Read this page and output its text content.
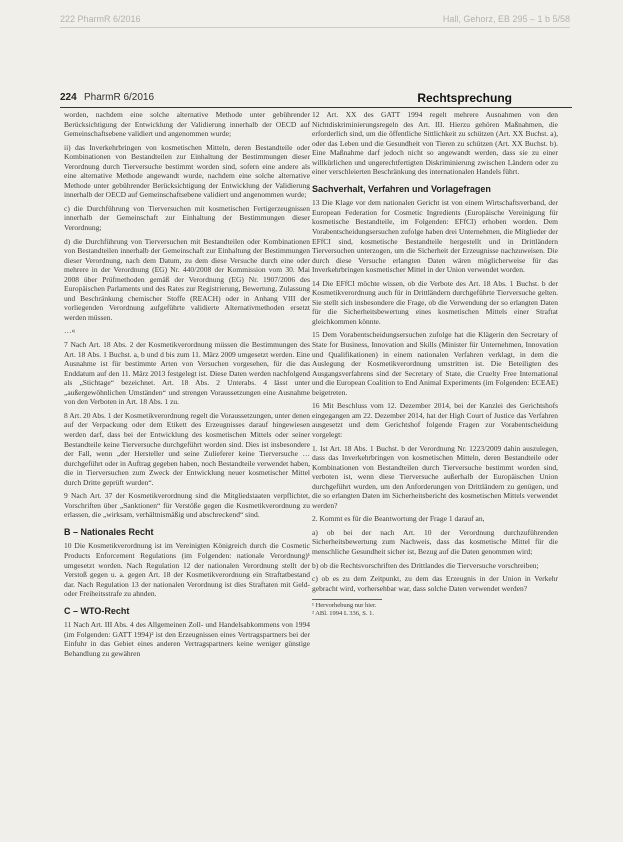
222 PharmR 6/2016	Hall, Gehorz, EB 295 – 1 b 5/58
224 PharmR 6/2016	Rechtsprechung

worden, nachdem eine solche alternative Methode unter gebührender Berücksichtigung der Entwicklung der Validierung innerhalb der OECD auf Gemeinschaftsebene validiert und angenommen wurde;

ii) das Inverkehrbringen von kosmetischen Mitteln, deren Bestandteile oder Kombinationen von Bestandteilen zur Einhaltung der Bestimmungen dieser Verordnung durch Tierversuche bestimmt worden sind, sofern eine andere als eine alternative Methode angewandt wurde, nachdem eine solche alternative Methode unter gebührender Berücksichtigung der Entwicklung der Validierung innerhalb der OECD auf Gemeinschaftsebene validiert und angenommen wurde;

c) die Durchführung von Tierversuchen mit kosmetischen Fertigerzeugnissen innerhalb der Gemeinschaft zur Einhaltung der Bestimmungen dieser Verordnung;

d) die Durchführung von Tierversuchen mit Bestandteilen oder Kombinationen von Bestandteilen innerhalb der Gemeinschaft zur Einhaltung der Bestimmungen dieser Verordnung, nach dem Datum, zu dem diese Versuche durch eine oder mehrere in der Verordnung (EG) Nr. 440/2008 der Kommission vom 30. Mai 2008 über Prüfmethoden gemäß der Verordnung (EG) Nr. 1907/2006 des Europäischen Parlaments und des Rates zur Registrierung, Bewertung, Zulassung und Beschränkung chemischer Stoffe (REACH) oder in Anhang VIII der vorliegenden Verordnung aufgeführte validierte Alternativmethoden ersetzt werden müssen.

…«

7 Nach Art. 18 Abs. 2 der Kosmetikverordnung müssen die Bestimmungen des Art. 18 Abs. 1 Buchst. a, b und d bis zum 11. März 2009 umgesetzt werden. Eine Ausnahme ist für bestimmte Arten von Versuchen vorgesehen, für die das Enddatum auf den 11. März 2013 festgelegt ist. Diese Daten werden nachfolgend als „Stichtage“ bezeichnet. Art. 18 Abs. 2 Unterabs. 4 lässt unter „außergewöhnlichen Umständen“ und strengen Voraussetzungen eine Ausnahme von den Verboten in Art. 18 Abs. 1 zu.

8 Art. 20 Abs. 1 der Kosmetikverordnung regelt die Voraussetzungen, unter denen auf der Verpackung oder dem Etikett des Erzeugnisses darauf hingewiesen werden darf, dass bei der Entwicklung des kosmetischen Mittels oder seiner Bestandteile keine Tierversuche durchgeführt worden sind. Dies ist insbesondere der Fall, wenn „der Hersteller und seine Zulieferer keine Tierversuche … durchgeführt oder in Auftrag gegeben haben, noch Bestandteile verwendet haben, die in Tierversuchen zum Zweck der Entwicklung neuer kosmetischer Mittel durch Dritte geprüft wurden“.

9 Nach Art. 37 der Kosmetikverordnung sind die Mitgliedstaaten verpflichtet, Vorschriften über „Sanktionen“ für Verstöße gegen die Kosmetikverordnung zu erlassen, die „wirksam, verhältnismäßig und abschreckend“ sind.

B – Nationales Recht

10 Die Kosmetikverordnung ist im Vereinigten Königreich durch die Cosmetic Products Enforcement Regulations (im Folgenden: nationale Verordnung)¹ umgesetzt worden. Nach Regulation 12 der nationalen Verordnung stellt der Verstoß gegen u. a. gegen Art. 18 der Kosmetikverordnung ein Straftatbestand dar. Nach Regulation 13 der nationalen Verordnung ist dies Straftaten mit Geld- oder Freiheitsstrafe zu ahnden.

C – WTO-Recht

11 Nach Art. III Abs. 4 des Allgemeinen Zoll- und Handelsabkommens von 1994 (im Folgenden: GATT 1994)² ist den Erzeugnissen eines Vertragspartners bei der Einfuhr in das Gebiet eines anderen Vertragspartners keine weniger günstige Behandlung zu gewähren

12 Art. XX des GATT 1994 regelt mehrere Ausnahmen von den Nichtdiskriminierungsregeln des Art. III. Hierzu gehören Maßnahmen, die erforderlich sind, um die öffentliche Sittlichkeit zu schützen (Art. XX Buchst. a), oder das Leben und die Gesundheit von Tieren zu schützen (Art. XX Buchst. b). Eine Maßnahme darf jedoch nicht so angewandt werden, dass sie zu einer willkürlichen und ungerechtfertigten Diskriminierung zwischen Ländern oder zu einer verschleierten Beschränkung des internationalen Handels führt.

Sachverhalt, Verfahren und Vorlagefragen

13 Die Klage vor dem nationalen Gericht ist von einem Wirtschaftsverband, der European Federation for Cosmetic Ingredients (Europäische Vereinigung für kosmetische Bestandteile, im Folgenden: EFfCI) erhoben worden. Dem Vorabentscheidungsersuchen zufolge haben drei Unternehmen, die Mitglieder der EFfCI sind, kosmetische Bestandteile hergestellt und in Drittländern Tierversuchen unterzogen, um die Sicherheit der Erzeugnisse nachzuweisen. Die durch diese Versuche erlangten Daten wären möglicherweise für das Inverkehrbringen kosmetischer Mittel in der Union verwendet worden.

14 Die EFfCI möchte wissen, ob die Verbote des Art. 18 Abs. 1 Buchst. b der Kosmetikverordnung auch für in Drittländern durchgeführte Tierversuche gelten. Sie stellt sich insbesondere die Frage, ob die Verwendung der so erlangten Daten für die Sicherheitsbewertung eines kosmetischen Mittels einer Straftat gleichkommen könnte.

15 Dem Vorabentscheidungsersuchen zufolge hat die Klägerin den Secretary of State for Business, Innovation and Skills (Minister für Unternehmen, Innovation und Qualifikationen) in einem nationalen Verfahren verklagt, in dem die Auslegung der Kosmetikverordnung umstritten ist. Die Beteiligten des Ausgangsverfahrens sind der Secretary of State, die Cruelty Free International und die European Coalition to End Animal Experiments (im Folgenden: ECEAE) beigetreten.

16 Mit Beschluss vom 12. Dezember 2014, bei der Kanzlei des Gerichtshofs eingegangen am 22. Dezember 2014, hat der High Court of Justice das Verfahren ausgesetzt und dem Gerichtshof folgende Fragen zur Vorabentscheidung vorgelegt:

1. Ist Art. 18 Abs. 1 Buchst. b der Verordnung Nr. 1223/2009 dahin auszulegen, dass das Inverkehrbringen von kosmetischen Mitteln, deren Bestandteile oder Kombinationen von Bestandteilen durch Tierversuche bestimmt worden sind, verboten ist, wenn diese Tierversuche außerhalb der Europäischen Union durchgeführt wurden, um den Anforderungen von Drittländern zu genügen, und die so erlangten Daten im Sicherheitsbericht des kosmetischen Mittels verwendet werden?

2. Kommt es für die Beantwortung der Frage 1 darauf an,

a) ob bei der nach Art. 10 der Verordnung durchzuführenden Sicherheitsbewertung zum Nachweis, dass das kosmetische Mittel für die menschliche Gesundheit sicher ist, Bezug auf die Daten genommen wird;

b) ob die Rechtsvorschriften des Drittlandes die Tierversuche vorschreiben;

c) ob es zu dem Zeitpunkt, zu dem das Erzeugnis in der Union in Verkehr gebracht wird, vorhersehbar war, dass solche Daten verwendet werden?

¹ Hervorhebung nur hier.
² ABl. 1994 L 336, S. 1.
